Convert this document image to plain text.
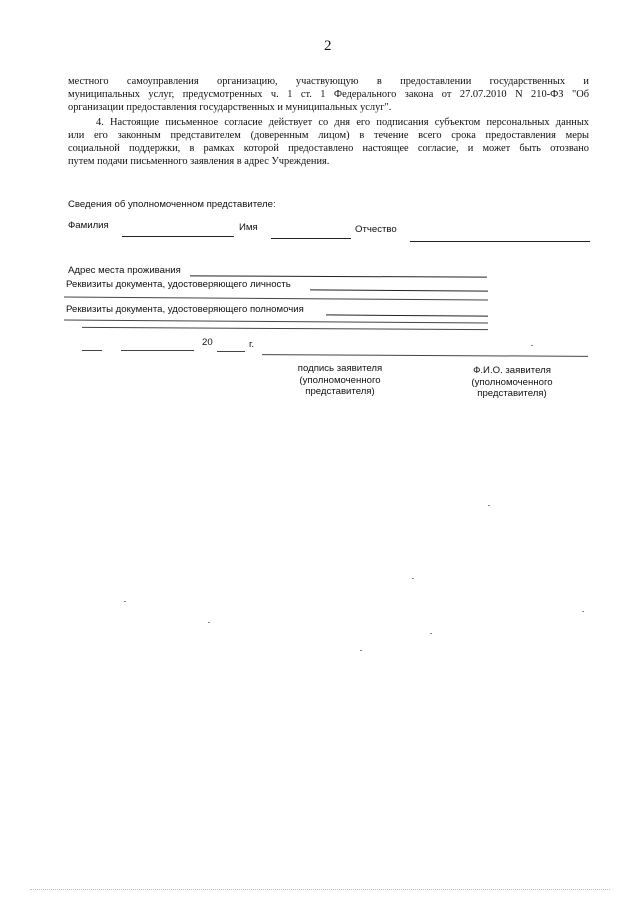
2
местного самоуправления организацию, участвующую в предоставлении государственных и
муниципальных услуг, предусмотренных ч. 1 ст. 1 Федерального закона от 27.07.2010 N 210-ФЗ "Об
организации предоставления государственных и муниципальных услуг".
4. Настоящие письменное согласие действует со дня его подписания субъектом персональных данных
или его законным представителем (доверенным лицом) в течение всего срока предоставления меры
социальной поддержки, в рамках которой предоставлено настоящее согласие, и может быть отозвано
путем подачи письменного заявления в адрес Учреждения.
Сведения об уполномоченном представителе:
Фамилия	Имя	Отчество
Адрес места проживания
Реквизиты документа, удостоверяющего личность
Реквизиты документа, удостоверяющего полномочия
20	г.
подпись заявителя
(уполномоченного
представителя)
Ф.И.О. заявителя
(уполномоченного
представителя)
